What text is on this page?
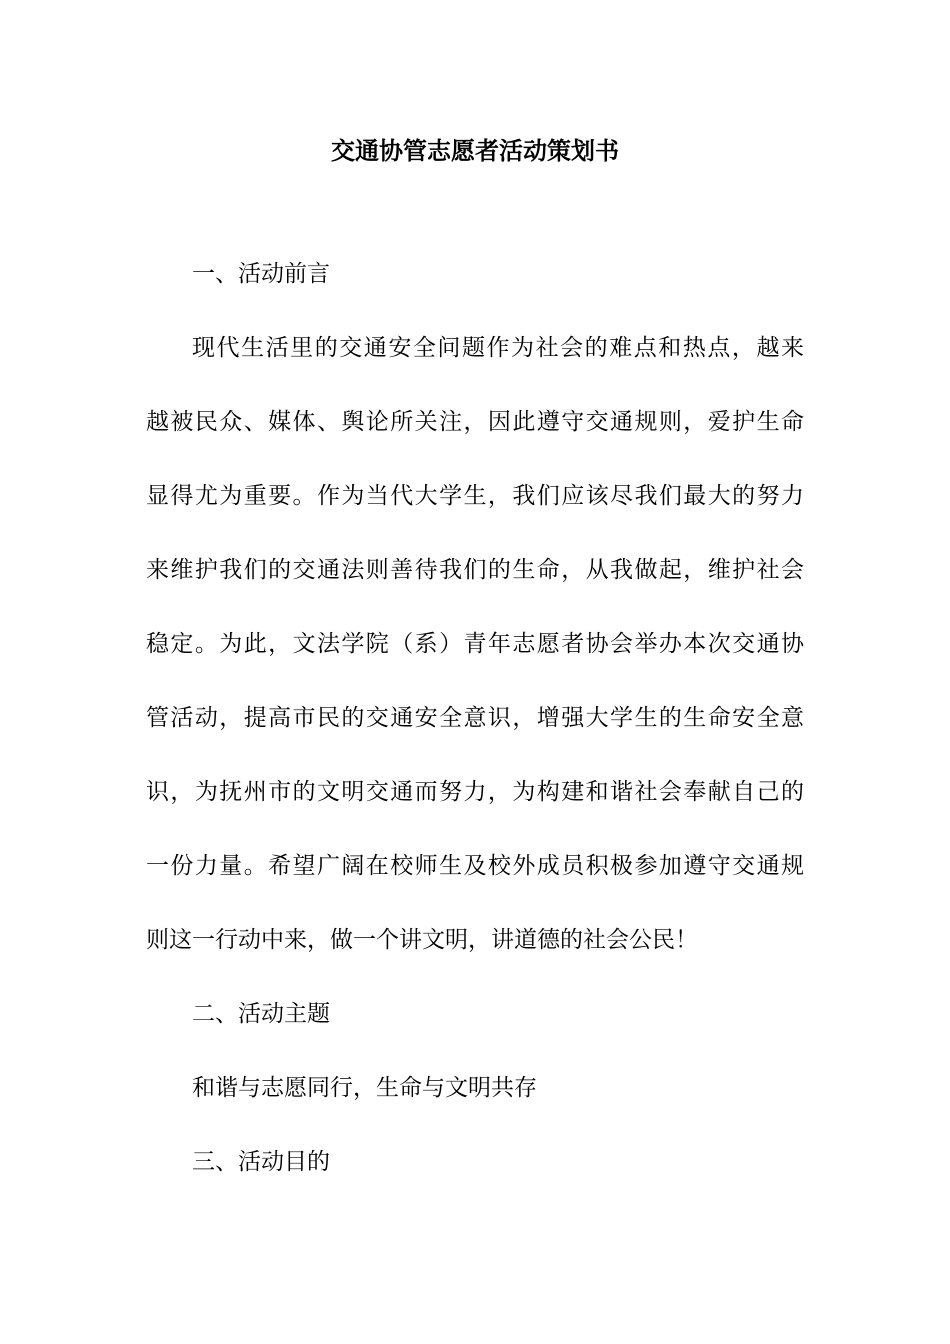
交通协管志愿者活动策划书
一、活动前言
现代生活里的交通安全问题作为社会的难点和热点，越来
越被民众、媒体、舆论所关注，因此遵守交通规则，爱护生命
显得尤为重要。作为当代大学生，我们应该尽我们最大的努力
来维护我们的交通法则善待我们的生命，从我做起，维护社会
稳定。为此，文法学院（系）青年志愿者协会举办本次交通协
管活动，提高市民的交通安全意识，增强大学生的生命安全意
识，为抚州市的文明交通而努力，为构建和谐社会奉献自己的
一份力量。希望广阔在校师生及校外成员积极参加遵守交通规
则这一行动中来，做一个讲文明，讲道德的社会公民！
二、活动主题
和谐与志愿同行，生命与文明共存
三、活动目的
